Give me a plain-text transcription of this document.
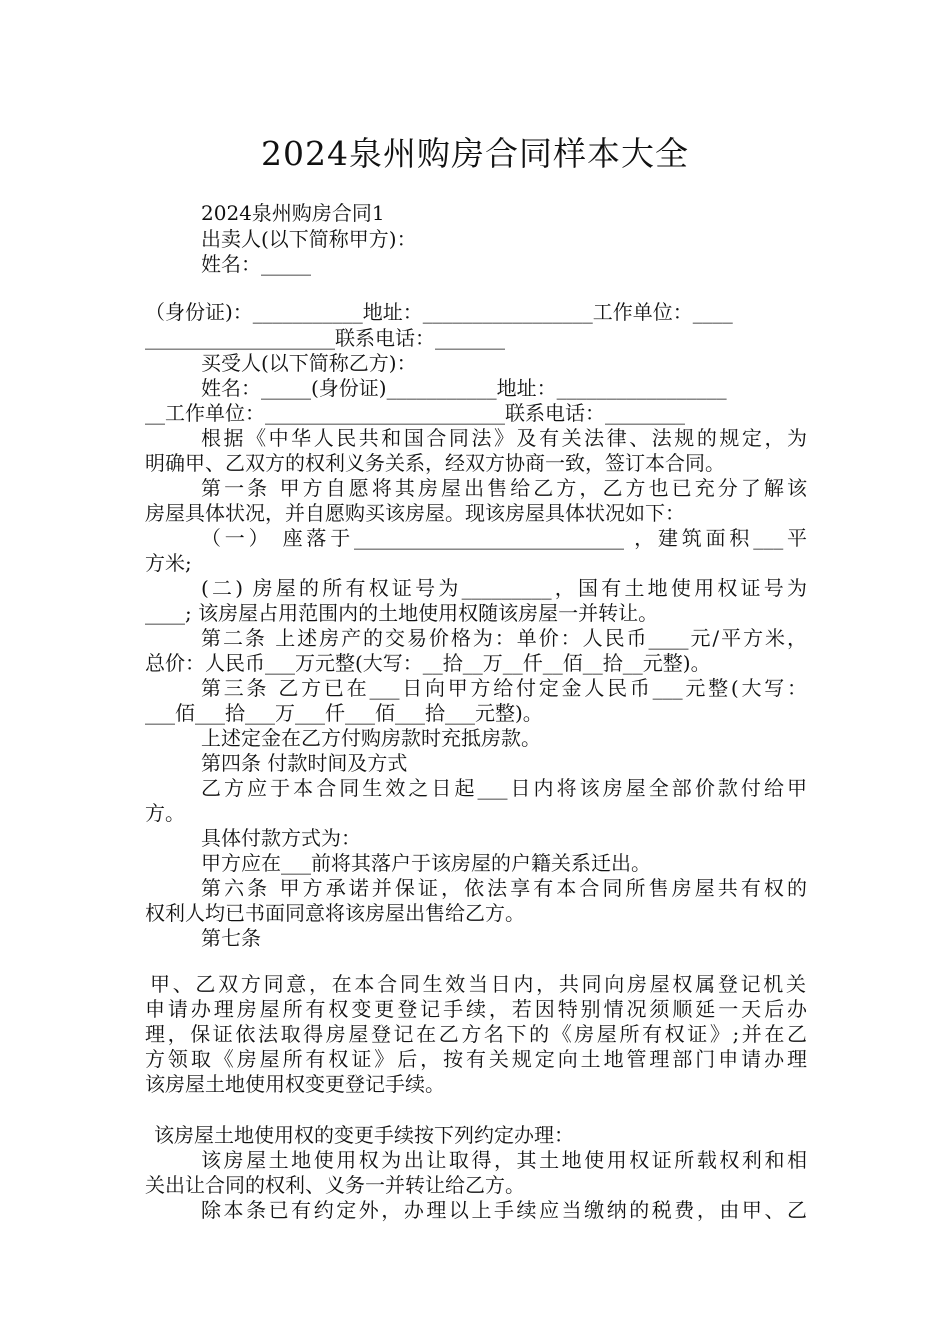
2024泉州购房合同样本大全
2024泉州购房合同1
出卖人(以下简称甲方)：
姓名：_____
（身份证)：___________地址：_________________工作单位：____
___________________联系电话：_______
买受人(以下简称乙方)：
姓名：_____(身份证)___________地址：_________________
__工作单位：________________________联系电话：________
根据《中华人民共和国合同法》及有关法律、法规的规定，为
明确甲、乙双方的权利义务关系，经双方协商一致，签订本合同。
第一条 甲方自愿将其房屋出售给乙方，乙方也已充分了解该
房屋具体状况，并自愿购买该房屋。现该房屋具体状况如下：
（一） 座落于___________________________ ，建筑面积___平
方米;
(二) 房屋的所有权证号为_________，国有土地使用权证号为
____; 该房屋占用范围内的土地使用权随该房屋一并转让。
第二条 上述房产的交易价格为：单价：人民币____元/平方米，
总价：人民币___万元整(大写：__拾__万__仟__佰__拾__元整)。
第三条 乙方已在___日向甲方给付定金人民币___元整(大写：
___佰___拾___万___仟___佰___拾___元整)。
上述定金在乙方付购房款时充抵房款。
第四条 付款时间及方式
乙方应于本合同生效之日起___日内将该房屋全部价款付给甲
方。
具体付款方式为：
甲方应在___前将其落户于该房屋的户籍关系迁出。
第六条 甲方承诺并保证，依法享有本合同所售房屋共有权的
权利人均已书面同意将该房屋出售给乙方。
第七条
甲、乙双方同意，在本合同生效当日内，共同向房屋权属登记机关
申请办理房屋所有权变更登记手续，若因特别情况须顺延一天后办
理，保证依法取得房屋登记在乙方名下的《房屋所有权证》;并在乙
方领取《房屋所有权证》后，按有关规定向土地管理部门申请办理
该房屋土地使用权变更登记手续。
该房屋土地使用权的变更手续按下列约定办理：
该房屋土地使用权为出让取得，其土地使用权证所载权利和相
关出让合同的权利、义务一并转让给乙方。
除本条已有约定外，办理以上手续应当缴纳的税费，由甲、乙
